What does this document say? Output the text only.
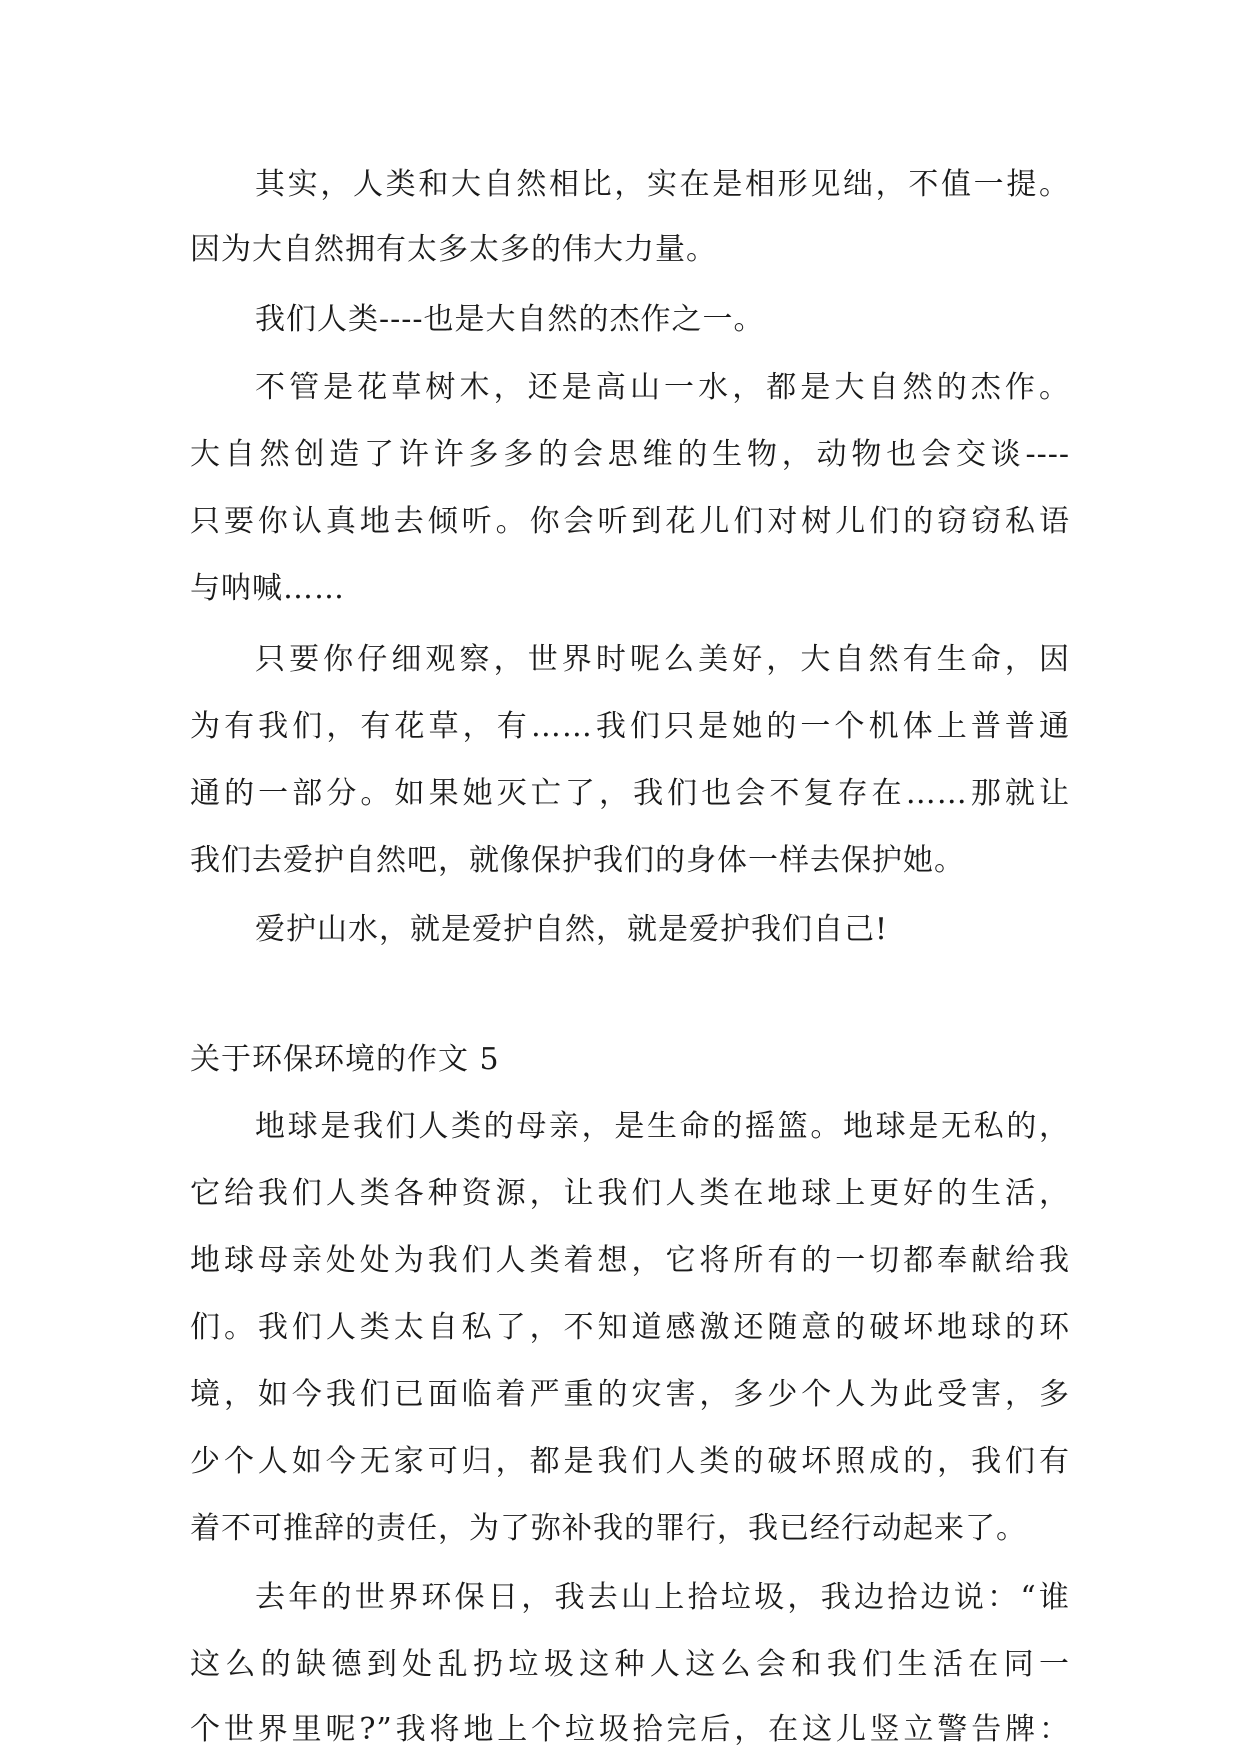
其实，人类和大自然相比，实在是相形见绌，不值一提。
因为大自然拥有太多太多的伟大力量。
我们人类----也是大自然的杰作之一。
不管是花草树木，还是高山一水，都是大自然的杰作。
大自然创造了许许多多的会思维的生物，动物也会交谈----
只要你认真地去倾听。你会听到花儿们对树儿们的窃窃私语
与呐喊……
只要你仔细观察，世界时呢么美好，大自然有生命，因
为有我们，有花草，有……我们只是她的一个机体上普普通
通的一部分。如果她灭亡了，我们也会不复存在……那就让
我们去爱护自然吧，就像保护我们的身体一样去保护她。
爱护山水，就是爱护自然，就是爱护我们自己!
关于环保环境的作文 5
地球是我们人类的母亲，是生命的摇篮。地球是无私的，
它给我们人类各种资源，让我们人类在地球上更好的生活，
地球母亲处处为我们人类着想，它将所有的一切都奉献给我
们。我们人类太自私了，不知道感激还随意的破坏地球的环
境，如今我们已面临着严重的灾害，多少个人为此受害，多
少个人如今无家可归，都是我们人类的破坏照成的，我们有
着不可推辞的责任，为了弥补我的罪行，我已经行动起来了。
去年的世界环保日，我去山上拾垃圾，我边拾边说：“谁
这么的缺德到处乱扔垃圾这种人这么会和我们生活在同一
个世界里呢?”我将地上个垃圾拾完后，在这儿竖立警告牌：
